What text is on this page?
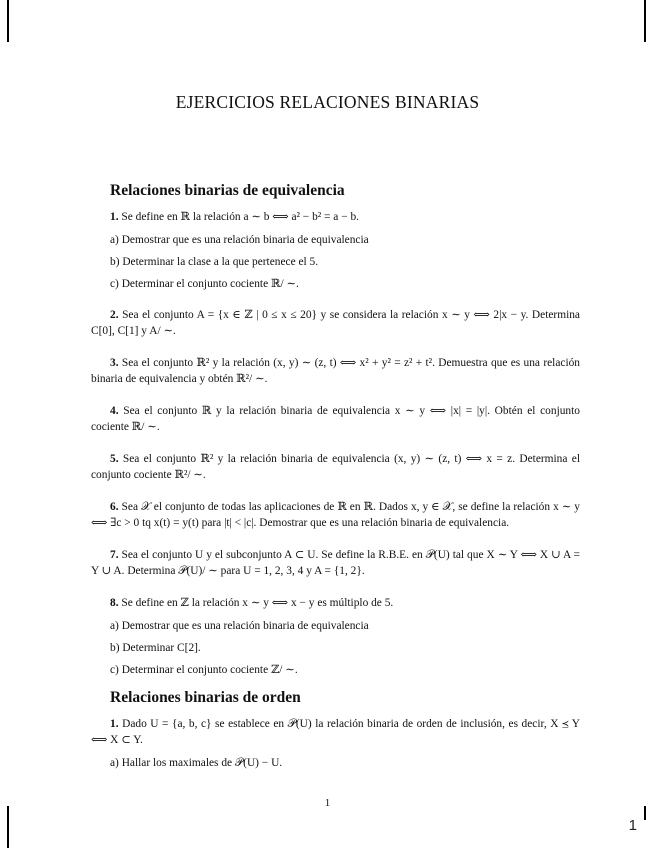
EJERCICIOS RELACIONES BINARIAS
Relaciones binarias de equivalencia

1. Se define en ℝ la relación a ∼ b ⟺ a² − b² = a − b.

a) Demostrar que es una relación binaria de equivalencia

b) Determinar la clase a la que pertenece el 5.

c) Determinar el conjunto cociente ℝ/ ∼.

2. Sea el conjunto A = {x ∈ ℤ | 0 ≤ x ≤ 20} y se considera la relación x ∼ y ⟺ 2|x − y. Determina C[0], C[1] y A/ ∼.

3. Sea el conjunto ℝ² y la relación (x, y) ∼ (z, t) ⟺ x² + y² = z² + t². Demuestra que es una relación binaria de equivalencia y obtén ℝ²/ ∼.

4. Sea el conjunto ℝ y la relación binaria de equivalencia x ∼ y ⟺ |x| = |y|. Obtén el conjunto cociente ℝ/ ∼.

5. Sea el conjunto ℝ² y la relación binaria de equivalencia (x, y) ∼ (z, t) ⟺ x = z. Determina el conjunto cociente ℝ²/ ∼.

6. Sea 𝒳 el conjunto de todas las aplicaciones de ℝ en ℝ. Dados x, y ∈ 𝒳, se define la relación x ∼ y ⟺ ∃c > 0 tq x(t) = y(t) para |t| < |c|. Demostrar que es una relación binaria de equivalencia.

7. Sea el conjunto U y el subconjunto A ⊂ U. Se define la R.B.E. en 𝒫(U) tal que X ∼ Y ⟺ X ∪ A = Y ∪ A. Determina 𝒫(U)/ ∼ para U = 1, 2, 3, 4 y A = {1, 2}.

8. Se define en ℤ la relación x ∼ y ⟺ x − y es múltiplo de 5.

a) Demostrar que es una relación binaria de equivalencia

b) Determinar C[2].

c) Determinar el conjunto cociente ℤ/ ∼.

Relaciones binarias de orden

1. Dado U = {a, b, c} se establece en 𝒫(U) la relación binaria de orden de inclusión, es decir, X ⪯ Y ⟺ X ⊂ Y.

a) Hallar los maximales de 𝒫(U) − U.

1
1
